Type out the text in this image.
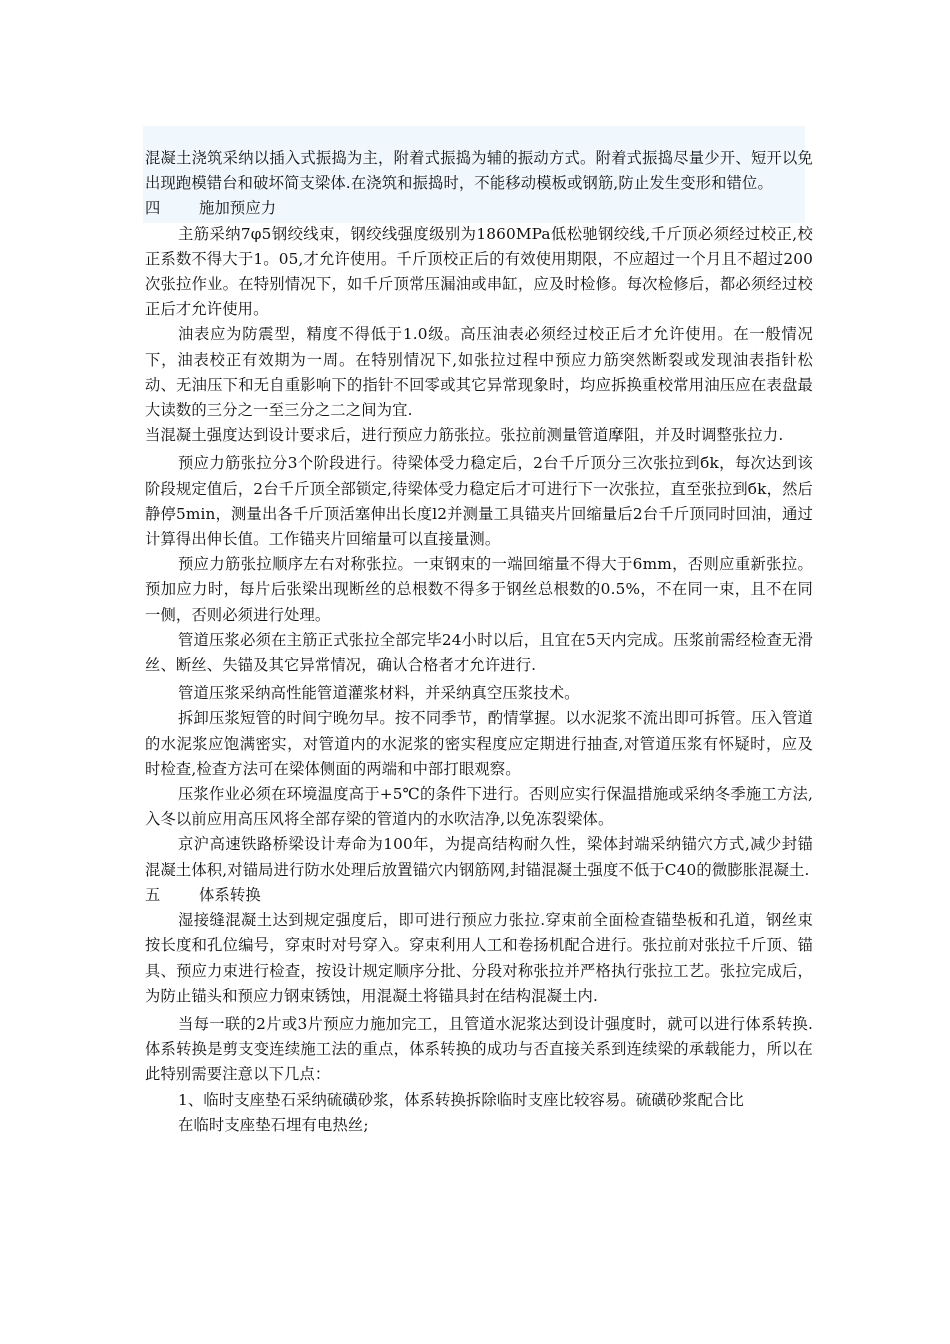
混凝土浇筑采纳以插入式振捣为主，附着式振捣为辅的振动方式。附着式振捣尽量少开、短开以免出现跑模错台和破坏简支梁体.在浇筑和振捣时，不能移动模板或钢筋,防止发生变形和错位。

四	施加预应力

主筋采纳7φ5钢绞线束，钢绞线强度级别为1860MPa低松驰钢绞线,千斤顶必须经过校正,校正系数不得大于1。05,才允许使用。千斤顶校正后的有效使用期限，不应超过一个月且不超过200次张拉作业。在特别情况下，如千斤顶常压漏油或串缸，应及时检修。每次检修后，都必须经过校正后才允许使用。

油表应为防震型，精度不得低于1.0级。高压油表必须经过校正后才允许使用。在一般情况下，油表校正有效期为一周。在特别情况下,如张拉过程中预应力筋突然断裂或发现油表指针松动、无油压下和无自重影响下的指针不回零或其它异常现象时，均应拆换重校常用油压应在表盘最大读数的三分之一至三分之二之间为宜.

当混凝土强度达到设计要求后，进行预应力筋张拉。张拉前测量管道摩阻，并及时调整张拉力.

预应力筋张拉分3个阶段进行。待梁体受力稳定后，2台千斤顶分三次张拉到бk，每次达到该阶段规定值后，2台千斤顶全部锁定,待梁体受力稳定后才可进行下一次张拉，直至张拉到бk，然后静停5min，测量出各千斤顶活塞伸出长度l2并测量工具锚夹片回缩量后2台千斤顶同时回油，通过计算得出伸长值。工作锚夹片回缩量可以直接量测。

预应力筋张拉顺序左右对称张拉。一束钢束的一端回缩量不得大于6mm，否则应重新张拉。预加应力时，每片后张梁出现断丝的总根数不得多于钢丝总根数的0.5%，不在同一束，且不在同一侧，否则必须进行处理。

管道压浆必须在主筋正式张拉全部完毕24小时以后，且宜在5天内完成。压浆前需经检查无滑丝、断丝、失锚及其它异常情况，确认合格者才允许进行.

管道压浆采纳高性能管道灌浆材料，并采纳真空压浆技术。

拆卸压浆短管的时间宁晚勿早。按不同季节，酌情掌握。以水泥浆不流出即可拆管。压入管道的水泥浆应饱满密实，对管道内的水泥浆的密实程度应定期进行抽查,对管道压浆有怀疑时，应及时检查,检查方法可在梁体侧面的两端和中部打眼观察。

压浆作业必须在环境温度高于+5℃的条件下进行。否则应实行保温措施或采纳冬季施工方法,入冬以前应用高压风将全部存梁的管道内的水吹洁净,以免冻裂梁体。

京沪高速铁路桥梁设计寿命为100年，为提高结构耐久性，梁体封端采纳锚穴方式,减少封锚混凝土体积,对锚局进行防水处理后放置锚穴内钢筋网,封锚混凝土强度不低于C40的微膨胀混凝土.

五	体系转换

湿接缝混凝土达到规定强度后，即可进行预应力张拉.穿束前全面检查锚垫板和孔道，钢丝束按长度和孔位编号，穿束时对号穿入。穿束利用人工和卷扬机配合进行。张拉前对张拉千斤顶、锚具、预应力束进行检查，按设计规定顺序分批、分段对称张拉并严格执行张拉工艺。张拉完成后，为防止锚头和预应力钢束锈蚀，用混凝土将锚具封在结构混凝土内.

当每一联的2片或3片预应力施加完工，且管道水泥浆达到设计强度时，就可以进行体系转换.体系转换是剪支变连续施工法的重点，体系转换的成功与否直接关系到连续梁的承载能力，所以在此特别需要注意以下几点：

1、临时支座垫石采纳硫磺砂浆，体系转换拆除临时支座比较容易。硫磺砂浆配合比

在临时支座垫石埋有电热丝;
